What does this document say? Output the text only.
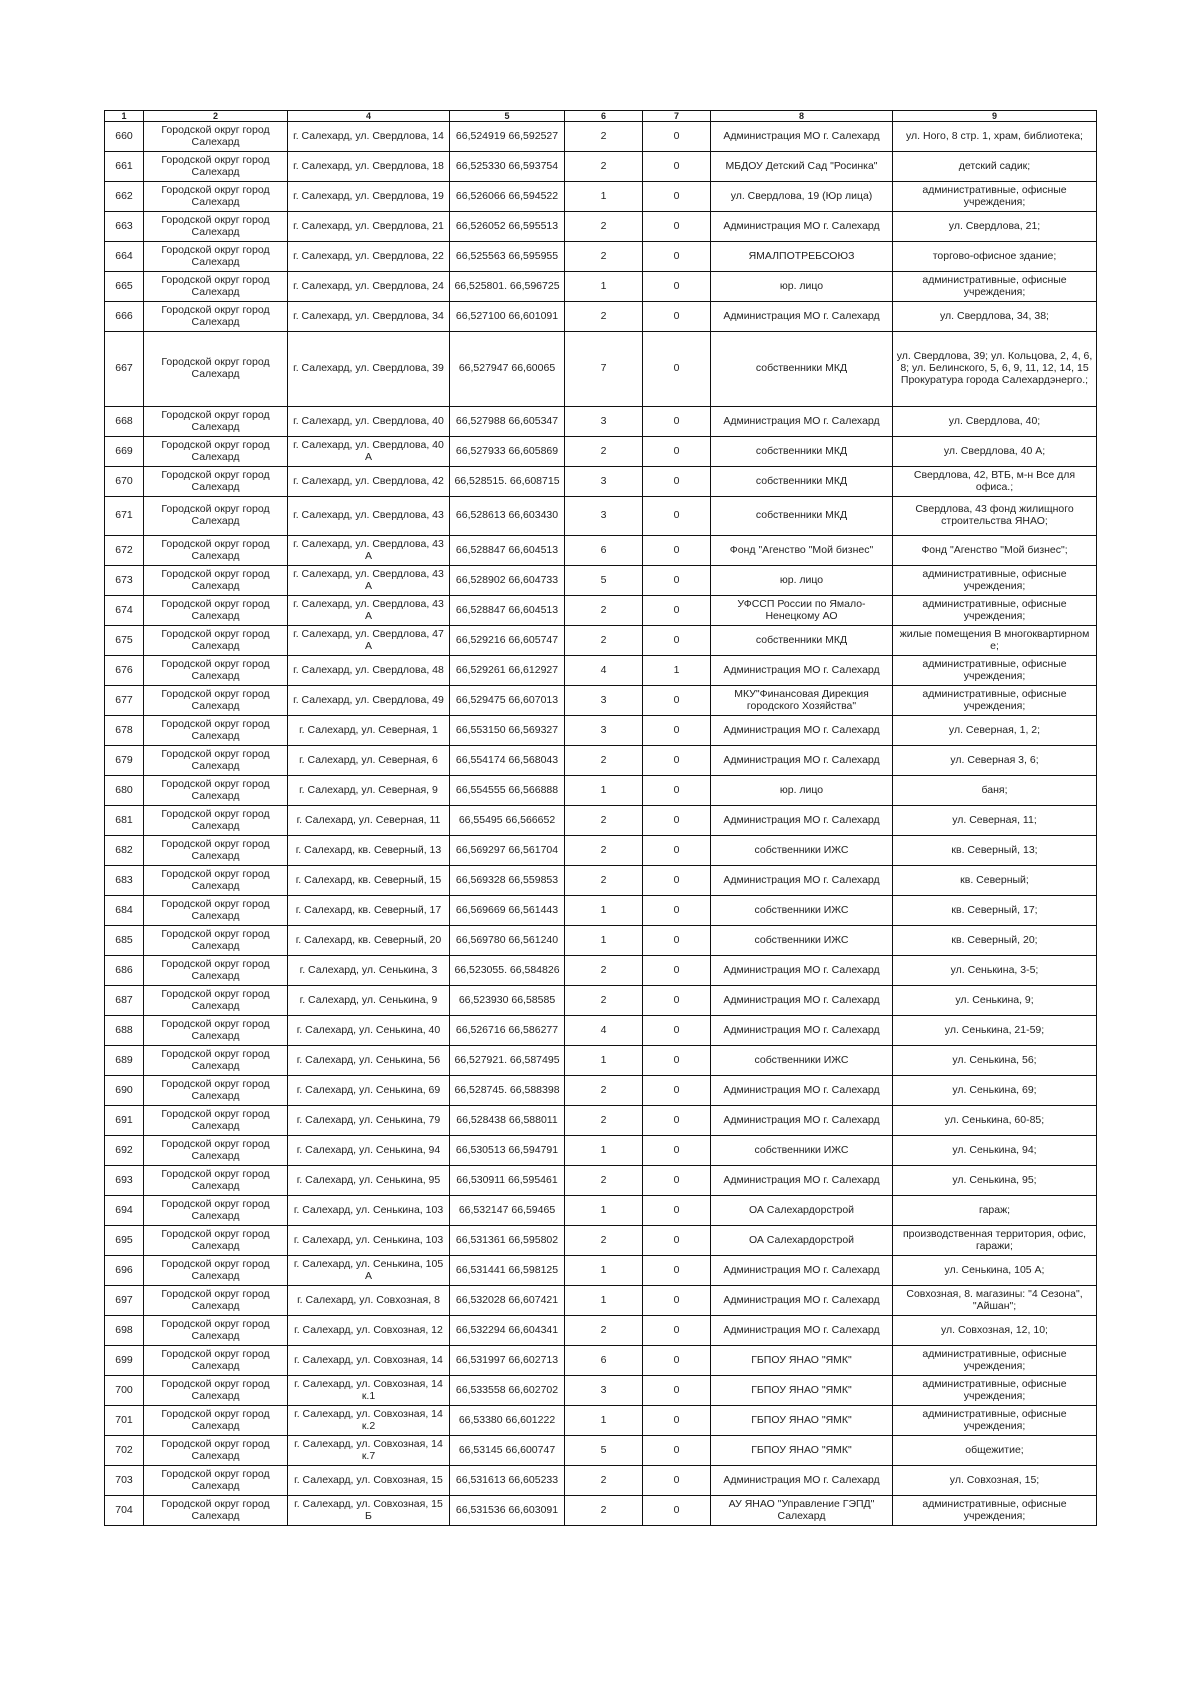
1	2	4	5	6	7	8	9
660	Городской округ город Салехард	г. Салехард, ул. Свердлова, 14	66,524919 66,592527	2	0	Администрация МО г. Салехард	ул. Ного, 8 стр. 1, храм, библиотека;
661	Городской округ город Салехард	г. Салехард, ул. Свердлова, 18	66,525330 66,593754	2	0	МБДОУ Детский Сад "Росинка"	детский садик;
662	Городской округ город Салехард	г. Салехард, ул. Свердлова, 19	66,526066 66,594522	1	0	ул. Свердлова, 19 (Юр лица)	административные, офисные учреждения;
663	Городской округ город Салехард	г. Салехард, ул. Свердлова, 21	66,526052 66,595513	2	0	Администрация МО г. Салехард	ул. Свердлова, 21;
664	Городской округ город Салехард	г. Салехард, ул. Свердлова, 22	66,525563 66,595955	2	0	ЯМАЛПОТРЕБСОЮЗ	торгово-офисное здание;
665	Городской округ город Салехард	г. Салехард, ул. Свердлова, 24	66,525801. 66,596725	1	0	юр. лицо	административные, офисные учреждения;
666	Городской округ город Салехард	г. Салехард, ул. Свердлова, 34	66,527100 66,601091	2	0	Администрация МО г. Салехард	ул. Свердлова, 34, 38;
667	Городской округ город Салехард	г. Салехард, ул. Свердлова, 39	66,527947 66,60065	7	0	собственники МКД	ул. Свердлова, 39; ул. Кольцова, 2, 4, 6, 8; ул. Белинского, 5, 6, 9, 11, 12, 14, 15 Прокуратура города Салехардэнерго.;
668	Городской округ город Салехард	г. Салехард, ул. Свердлова, 40	66,527988 66,605347	3	0	Администрация МО г. Салехард	ул. Свердлова, 40;
669	Городской округ город Салехард	г. Салехард, ул. Свердлова, 40 А	66,527933 66,605869	2	0	собственники МКД	ул. Свердлова, 40 А;
670	Городской округ город Салехард	г. Салехард, ул. Свердлова, 42	66,528515. 66,608715	3	0	собственники МКД	Свердлова, 42, ВТБ, м-н Все для офиса.;
671	Городской округ город Салехард	г. Салехард, ул. Свердлова, 43	66,528613 66,603430	3	0	собственники МКД	Свердлова, 43 фонд жилищного строительства ЯНАО;
672	Городской округ город Салехард	г. Салехард, ул. Свердлова, 43 А	66,528847 66,604513	6	0	Фонд "Агенство "Мой бизнес"	Фонд "Агенство "Мой бизнес";
673	Городской округ город Салехард	г. Салехард, ул. Свердлова, 43 А	66,528902 66,604733	5	0	юр. лицо	административные, офисные учреждения;
674	Городской округ город Салехард	г. Салехард, ул. Свердлова, 43 А	66,528847 66,604513	2	0	УФССП России по Ямало-Ненецкому АО	административные, офисные учреждения;
675	Городской округ город Салехард	г. Салехард, ул. Свердлова, 47 А	66,529216 66,605747	2	0	собственники МКД	жилые помещения В многоквартирном е;
676	Городской округ город Салехард	г. Салехард, ул. Свердлова, 48	66,529261 66,612927	4	1	Администрация МО г. Салехард	административные, офисные учреждения;
677	Городской округ город Салехард	г. Салехард, ул. Свердлова, 49	66,529475 66,607013	3	0	МКУ"Финансовая Дирекция городского Хозяйства"	административные, офисные учреждения;
678	Городской округ город Салехард	г. Салехард, ул. Северная, 1	66,553150 66,569327	3	0	Администрация МО г. Салехард	ул. Северная, 1, 2;
679	Городской округ город Салехард	г. Салехард, ул. Северная, 6	66,554174 66,568043	2	0	Администрация МО г. Салехард	ул. Северная 3, 6;
680	Городской округ город Салехард	г. Салехард, ул. Северная, 9	66,554555 66,566888	1	0	юр. лицо	баня;
681	Городской округ город Салехард	г. Салехард, ул. Северная, 11	66,55495 66,566652	2	0	Администрация МО г. Салехард	ул. Северная, 11;
682	Городской округ город Салехард	г. Салехард, кв. Северный, 13	66,569297 66,561704	2	0	собственники ИЖС	кв. Северный, 13;
683	Городской округ город Салехард	г. Салехард, кв. Северный, 15	66,569328 66,559853	2	0	Администрация МО г. Салехард	кв. Северный;
684	Городской округ город Салехард	г. Салехард, кв. Северный, 17	66,569669 66,561443	1	0	собственники ИЖС	кв. Северный, 17;
685	Городской округ город Салехард	г. Салехард, кв. Северный, 20	66,569780 66,561240	1	0	собственники ИЖС	кв. Северный, 20;
686	Городской округ город Салехард	г. Салехард, ул. Сенькина, 3	66,523055. 66,584826	2	0	Администрация МО г. Салехард	ул. Сенькина, 3-5;
687	Городской округ город Салехард	г. Салехард, ул. Сенькина, 9	66,523930 66,58585	2	0	Администрация МО г. Салехард	ул. Сенькина, 9;
688	Городской округ город Салехард	г. Салехард, ул. Сенькина, 40	66,526716 66,586277	4	0	Администрация МО г. Салехард	ул. Сенькина, 21-59;
689	Городской округ город Салехард	г. Салехард, ул. Сенькина, 56	66,527921. 66,587495	1	0	собственники ИЖС	ул. Сенькина, 56;
690	Городской округ город Салехард	г. Салехард, ул. Сенькина, 69	66,528745. 66,588398	2	0	Администрация МО г. Салехард	ул. Сенькина, 69;
691	Городской округ город Салехард	г. Салехард, ул. Сенькина, 79	66,528438 66,588011	2	0	Администрация МО г. Салехард	ул. Сенькина, 60-85;
692	Городской округ город Салехард	г. Салехард, ул. Сенькина, 94	66,530513 66,594791	1	0	собственники ИЖС	ул. Сенькина, 94;
693	Городской округ город Салехард	г. Салехард, ул. Сенькина, 95	66,530911 66,595461	2	0	Администрация МО г. Салехард	ул. Сенькина, 95;
694	Городской округ город Салехард	г. Салехард, ул. Сенькина, 103	66,532147 66,59465	1	0	ОА Салехардорстрой	гараж;
695	Городской округ город Салехард	г. Салехард, ул. Сенькина, 103	66,531361 66,595802	2	0	ОА Салехардорстрой	производственная территория, офис, гаражи;
696	Городской округ город Салехард	г. Салехард, ул. Сенькина, 105 А	66,531441 66,598125	1	0	Администрация МО г. Салехард	ул. Сенькина, 105 А;
697	Городской округ город Салехард	г. Салехард, ул. Совхозная, 8	66,532028 66,607421	1	0	Администрация МО г. Салехард	Совхозная, 8. магазины: "4 Сезона", "Айшан";
698	Городской округ город Салехард	г. Салехард, ул. Совхозная, 12	66,532294 66,604341	2	0	Администрация МО г. Салехард	ул. Совхозная, 12, 10;
699	Городской округ город Салехард	г. Салехард, ул. Совхозная, 14	66,531997 66,602713	6	0	ГБПОУ ЯНАО "ЯМК"	административные, офисные учреждения;
700	Городской округ город Салехард	г. Салехард, ул. Совхозная, 14 к.1	66,533558 66,602702	3	0	ГБПОУ ЯНАО "ЯМК"	административные, офисные учреждения;
701	Городской округ город Салехард	г. Салехард, ул. Совхозная, 14 к.2	66,53380 66,601222	1	0	ГБПОУ ЯНАО "ЯМК"	административные, офисные учреждения;
702	Городской округ город Салехард	г. Салехард, ул. Совхозная, 14 к.7	66,53145 66,600747	5	0	ГБПОУ ЯНАО "ЯМК"	общежитие;
703	Городской округ город Салехард	г. Салехард, ул. Совхозная, 15	66,531613 66,605233	2	0	Администрация МО г. Салехард	ул. Совхозная, 15;
704	Городской округ город Салехард	г. Салехард, ул. Совхозная, 15 Б	66,531536 66,603091	2	0	АУ ЯНАО "Управление ГЭПД" Салехард	административные, офисные учреждения;
